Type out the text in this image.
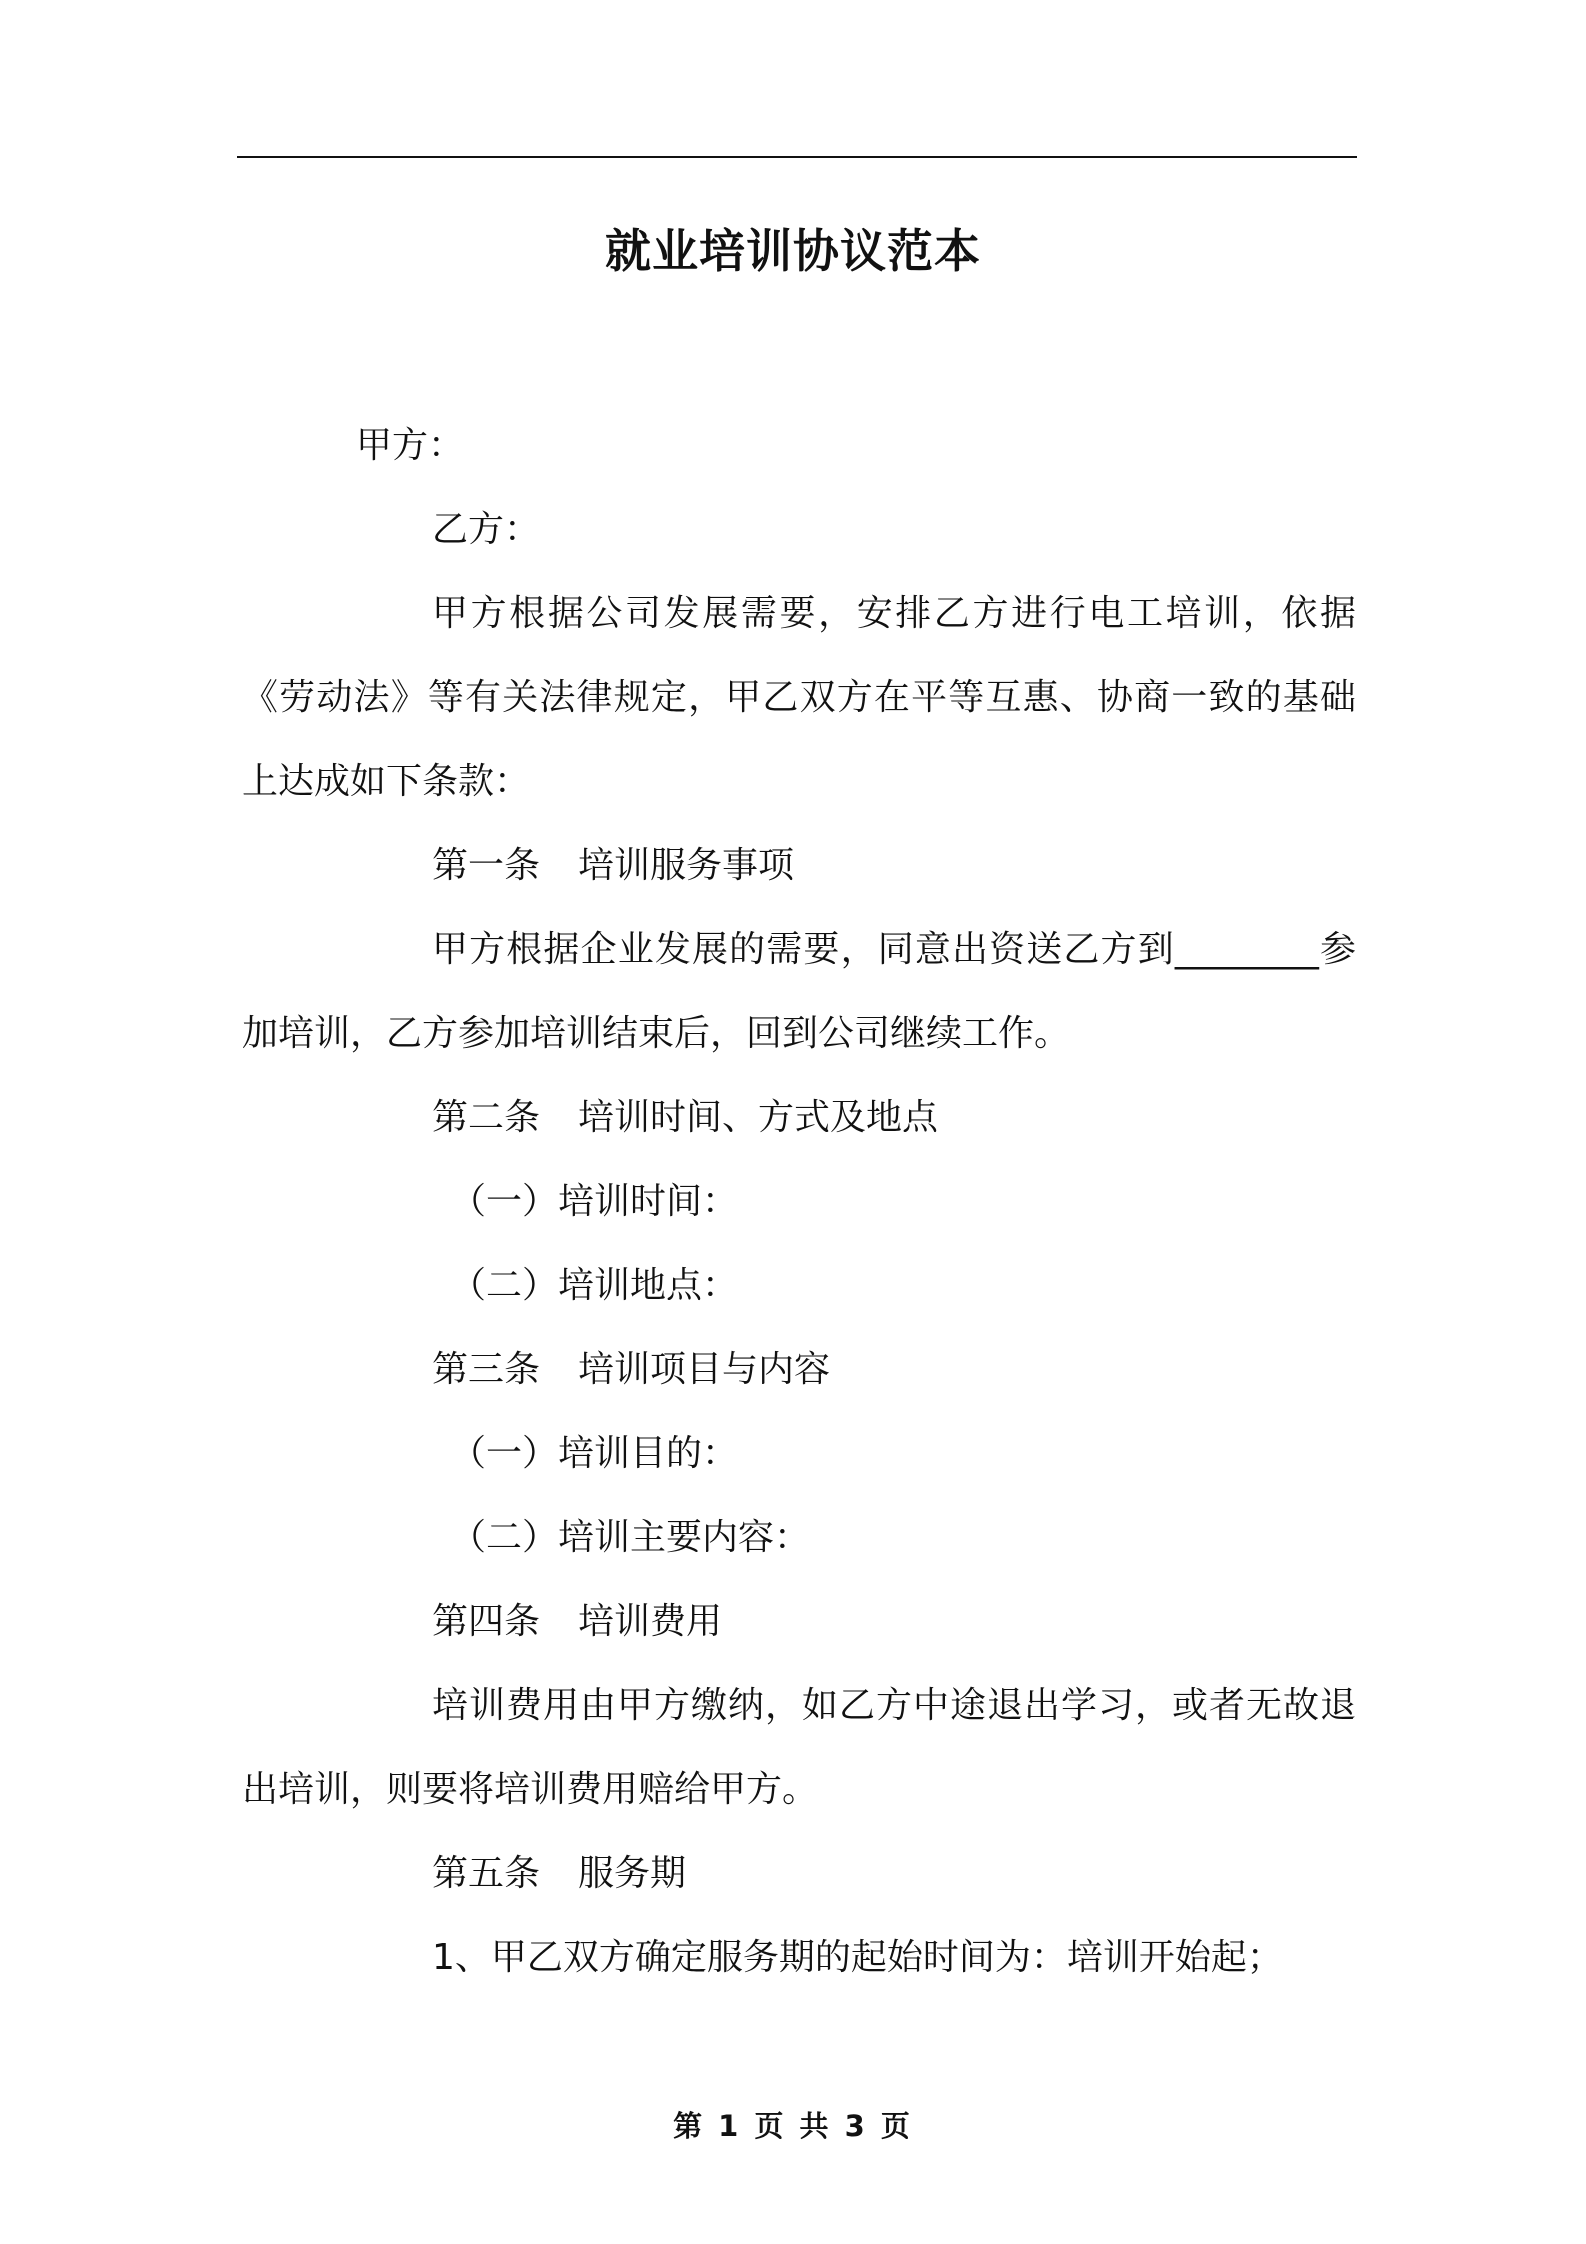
就业培训协议范本

甲方：

乙方：

甲方根据公司发展需要，安排乙方进行电工培训，依据《劳动法》等有关法律规定，甲乙双方在平等互惠、协商一致的基础上达成如下条款：

第一条 培训服务事项

甲方根据企业发展的需要，同意出资送乙方到________参加培训，乙方参加培训结束后，回到公司继续工作。

第二条 培训时间、方式及地点

（一）培训时间：

（二）培训地点：

第三条 培训项目与内容

（一）培训目的：

（二）培训主要内容：

第四条 培训费用

培训费用由甲方缴纳，如乙方中途退出学习，或者无故退出培训，则要将培训费用赔给甲方。

第五条 服务期

1、甲乙双方确定服务期的起始时间为：培训开始起；

第 1 页 共 3 页
